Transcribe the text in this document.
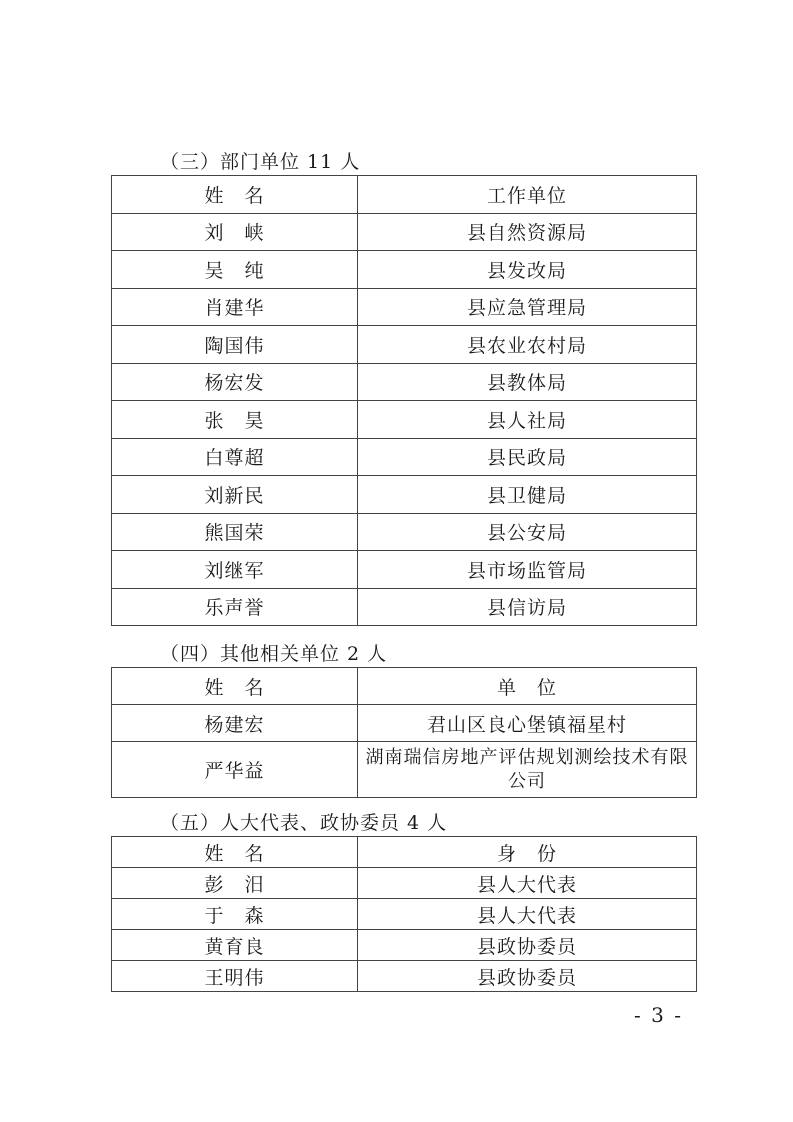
（三）部门单位 11 人
姓　名	工作单位
刘　峡	县自然资源局
吴　纯	县发改局
肖建华	县应急管理局
陶国伟	县农业农村局
杨宏发	县教体局
张　昊	县人社局
白尊超	县民政局
刘新民	县卫健局
熊国荣	县公安局
刘继军	县市场监管局
乐声誉	县信访局
（四）其他相关单位 2 人
姓　名	单　位
杨建宏	君山区良心堡镇福星村
严华益	湖南瑞信房地产评估规划测绘技术有限公司
（五）人大代表、政协委员 4 人
姓　名	身　份
彭　汨	县人大代表
于　森	县人大代表
黄育良	县政协委员
王明伟	县政协委员
- 3 -
